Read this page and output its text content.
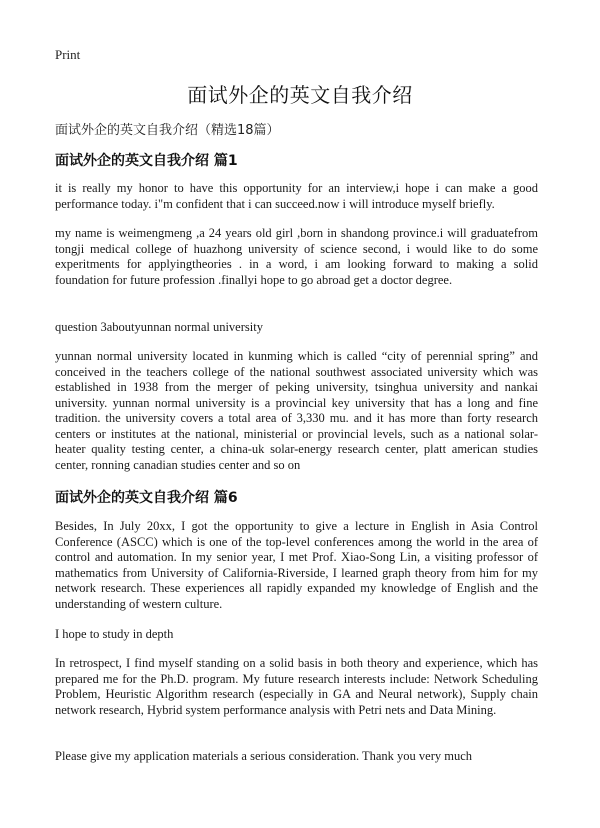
Print
面试外企的英文自我介绍
面试外企的英文自我介绍（精选18篇）
面试外企的英文自我介绍 篇1

it is really my honor to have this opportunity for an interview,i hope i can make a good performance today. i"m confident that i can succeed.now i will introduce myself briefly.

my name is weimengmeng ,a 24 years old girl ,born in shandong province.i will graduatefrom tongji medical college of huazhong university of science second, i would like to do some experitments for applyingtheories . in a word, i am looking forward to making a solid foundation for future profession .finallyi hope to go abroad get a doctor degree.

question 3aboutyunnan normal university

yunnan normal university located in kunming which is called “city of perennial spring” and conceived in the teachers college of the national southwest associated university which was established in 1938 from the merger of peking university, tsinghua university and nankai university. yunnan normal university is a provincial key university that has a long and fine tradition. the university covers a total area of 3,330 mu. and it has more than forty research centers or institutes at the national, ministerial or provincial levels, such as a national solar-heater quality testing center, a china-uk solar-energy research center, platt american studies center, ronning canadian studies center and so on

面试外企的英文自我介绍 篇6

Besides, In July 20xx, I got the opportunity to give a lecture in English in Asia Control Conference (ASCC) which is one of the top-level conferences among the world in the area of control and automation. In my senior year, I met Prof. Xiao-Song Lin, a visiting professor of mathematics from University of California-Riverside, I learned graph theory from him for my network research. These experiences all rapidly expanded my knowledge of English and the understanding of western culture.

I hope to study in depth

In retrospect, I find myself standing on a solid basis in both theory and experience, which has prepared me for the Ph.D. program. My future research interests include: Network Scheduling Problem, Heuristic Algorithm research (especially in GA and Neural network), Supply chain network research, Hybrid system performance analysis with Petri nets and Data Mining.

Please give my application materials a serious consideration. Thank you very much
